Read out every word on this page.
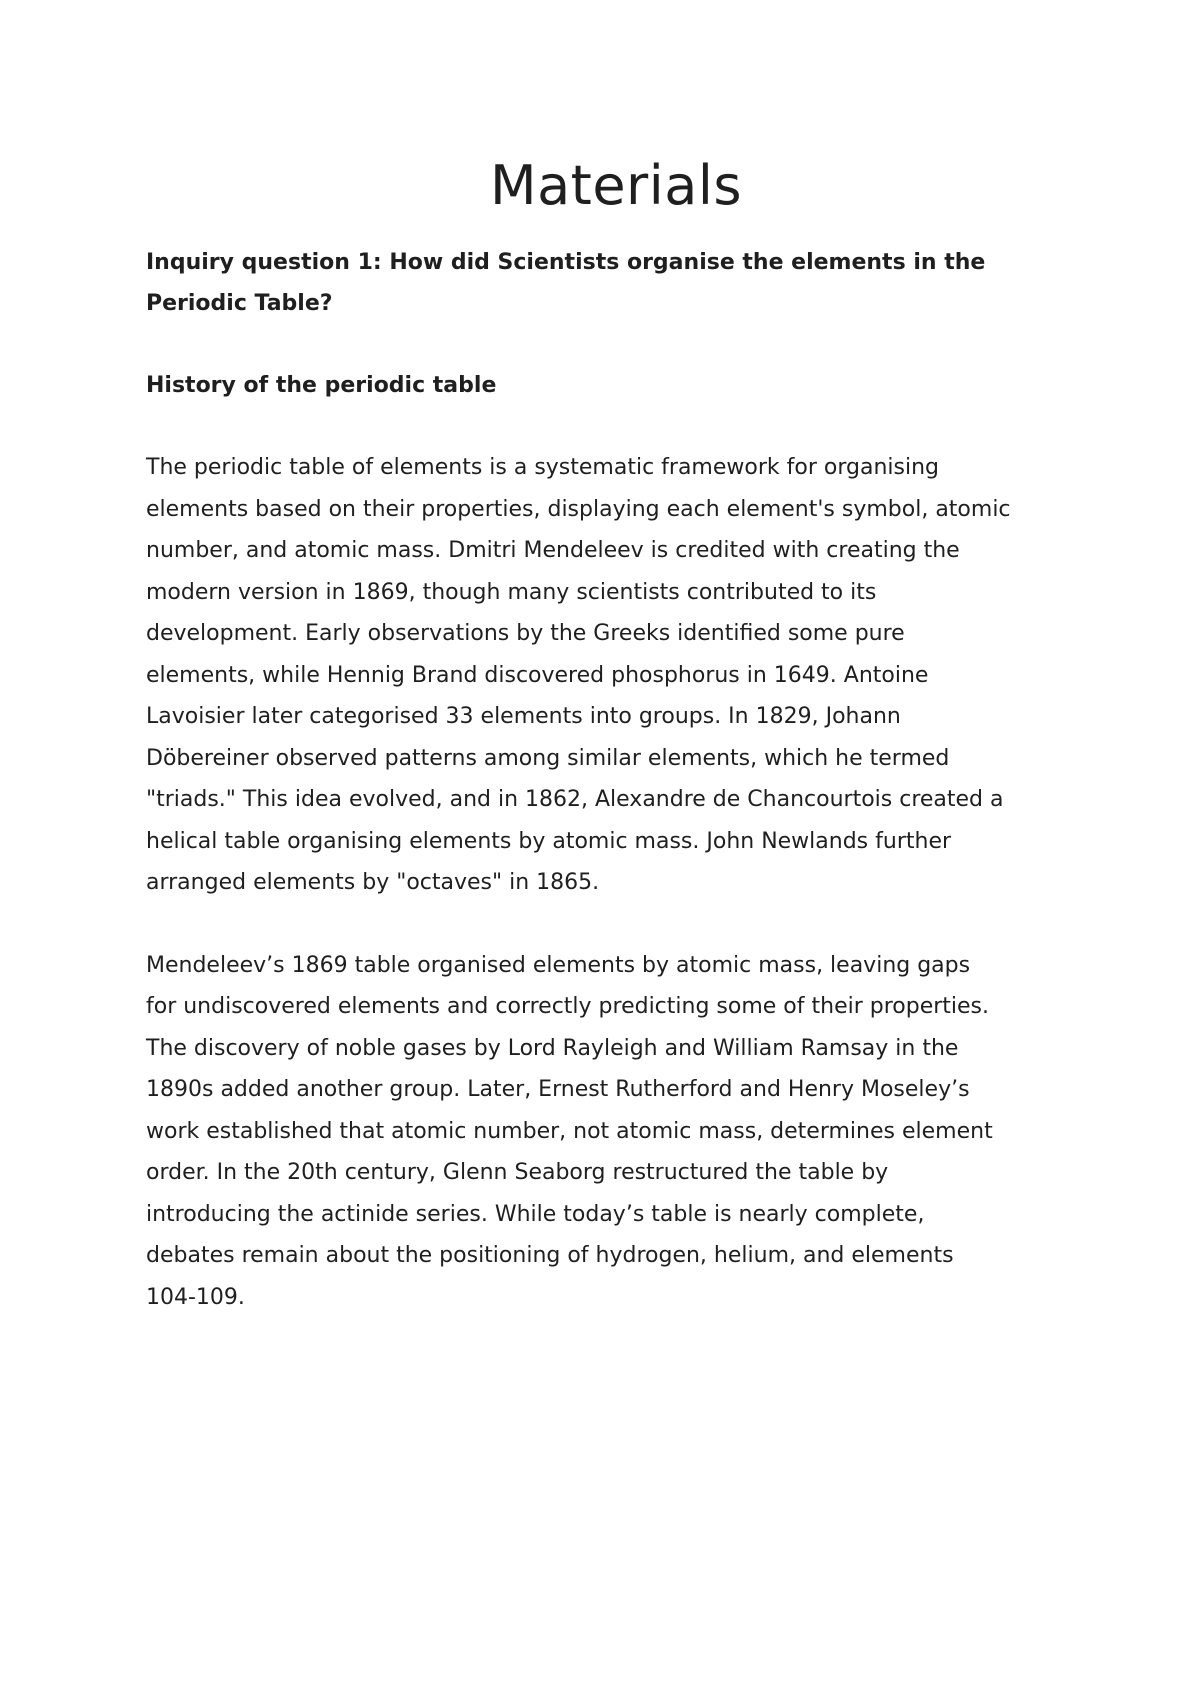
Materials
Inquiry question 1: How did Scientists organise the elements in the
Periodic Table?
History of the periodic table

The periodic table of elements is a systematic framework for organising
elements based on their properties, displaying each element's symbol, atomic
number, and atomic mass. Dmitri Mendeleev is credited with creating the
modern version in 1869, though many scientists contributed to its
development. Early observations by the Greeks identified some pure
elements, while Hennig Brand discovered phosphorus in 1649. Antoine
Lavoisier later categorised 33 elements into groups. In 1829, Johann
Döbereiner observed patterns among similar elements, which he termed
"triads." This idea evolved, and in 1862, Alexandre de Chancourtois created a
helical table organising elements by atomic mass. John Newlands further
arranged elements by "octaves" in 1865.

Mendeleev’s 1869 table organised elements by atomic mass, leaving gaps
for undiscovered elements and correctly predicting some of their properties.
The discovery of noble gases by Lord Rayleigh and William Ramsay in the
1890s added another group. Later, Ernest Rutherford and Henry Moseley’s
work established that atomic number, not atomic mass, determines element
order. In the 20th century, Glenn Seaborg restructured the table by
introducing the actinide series. While today’s table is nearly complete,
debates remain about the positioning of hydrogen, helium, and elements
104-109.
